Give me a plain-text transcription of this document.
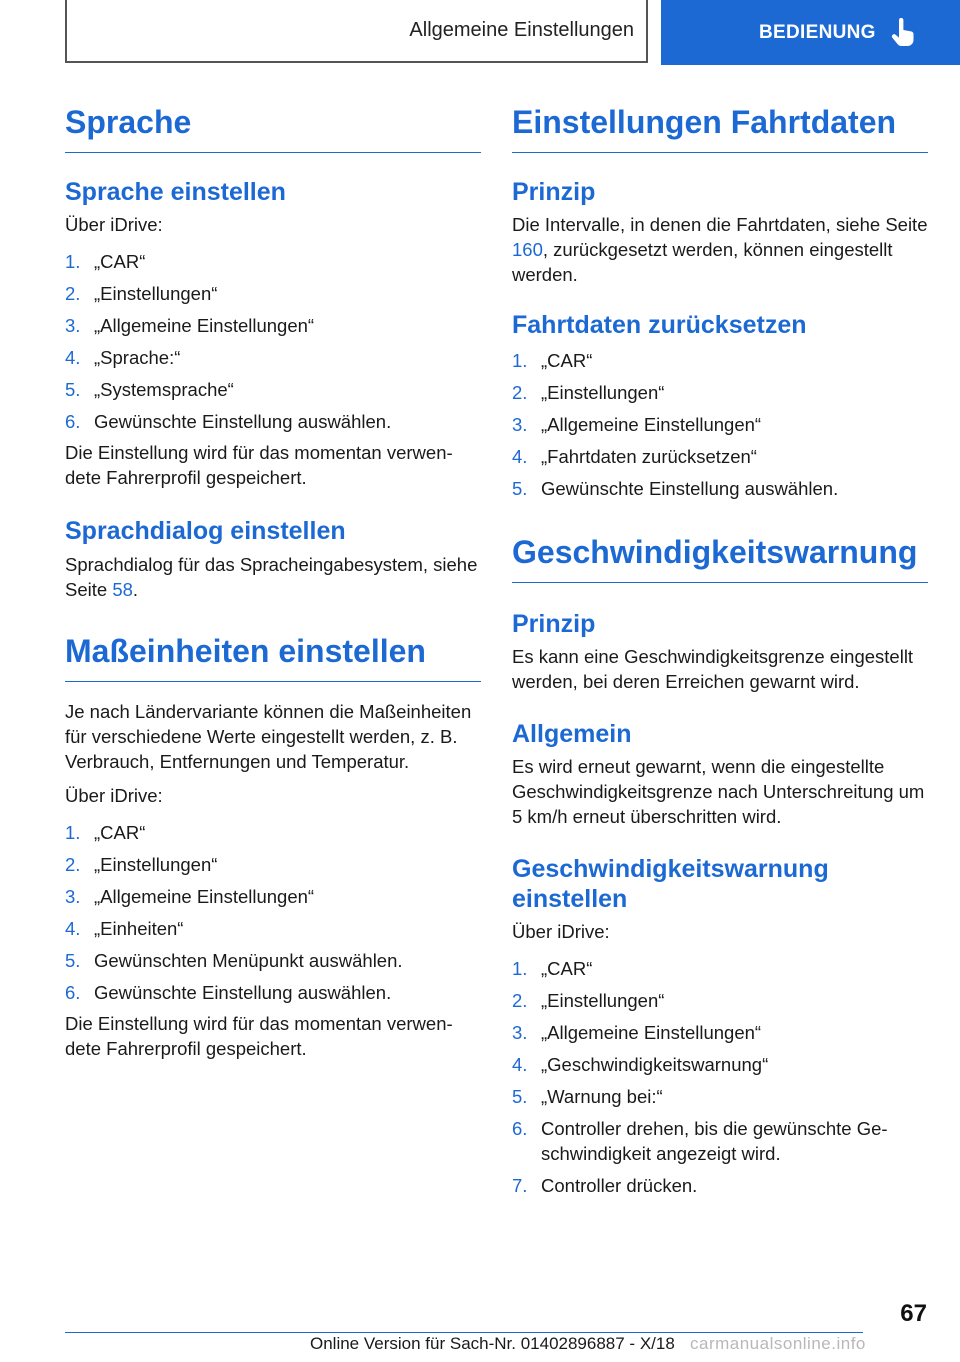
Allgemeine Einstellungen	BEDIENUNG
Sprache
Sprache einstellen

Über iDrive:

1. „CAR“
2. „Einstellungen“
3. „Allgemeine Einstellungen“
4. „Sprache:“
5. „Systemsprache“
6. Gewünschte Einstellung auswählen.

Die Einstellung wird für das momentan verwendete Fahrerprofil gespeichert.

Sprachdialog einstellen

Sprachdialog für das Spracheingabesystem, siehe Seite 58.

Maßeinheiten einstellen

Je nach Ländervariante können die Maßeinheiten für verschiedene Werte eingestellt werden, z. B. Verbrauch, Entfernungen und Temperatur.

Über iDrive:

1. „CAR“
2. „Einstellungen“
3. „Allgemeine Einstellungen“
4. „Einheiten“
5. Gewünschten Menüpunkt auswählen.
6. Gewünschte Einstellung auswählen.

Die Einstellung wird für das momentan verwendete Fahrerprofil gespeichert.

Einstellungen Fahrtdaten
Prinzip

Die Intervalle, in denen die Fahrtdaten, siehe Seite 160, zurückgesetzt werden, können eingestellt werden.

Fahrtdaten zurücksetzen
1. „CAR“
2. „Einstellungen“
3. „Allgemeine Einstellungen“
4. „Fahrtdaten zurücksetzen“
5. Gewünschte Einstellung auswählen.
Geschwindigkeitswarnung
Prinzip

Es kann eine Geschwindigkeitsgrenze eingestellt werden, bei deren Erreichen gewarnt wird.

Allgemein

Es wird erneut gewarnt, wenn die eingestellte Geschwindigkeitsgrenze nach Unterschreitung um 5 km/h erneut überschritten wird.

Geschwindigkeitswarnung einstellen

Über iDrive:

1. „CAR“
2. „Einstellungen“
3. „Allgemeine Einstellungen“
4. „Geschwindigkeitswarnung“
5. „Warnung bei:“
6. Controller drehen, bis die gewünschte Geschwindigkeit angezeigt wird.
7. Controller drücken.
67
Online Version für Sach-Nr. 01402896887 - X/18 carmanualsonline.info
